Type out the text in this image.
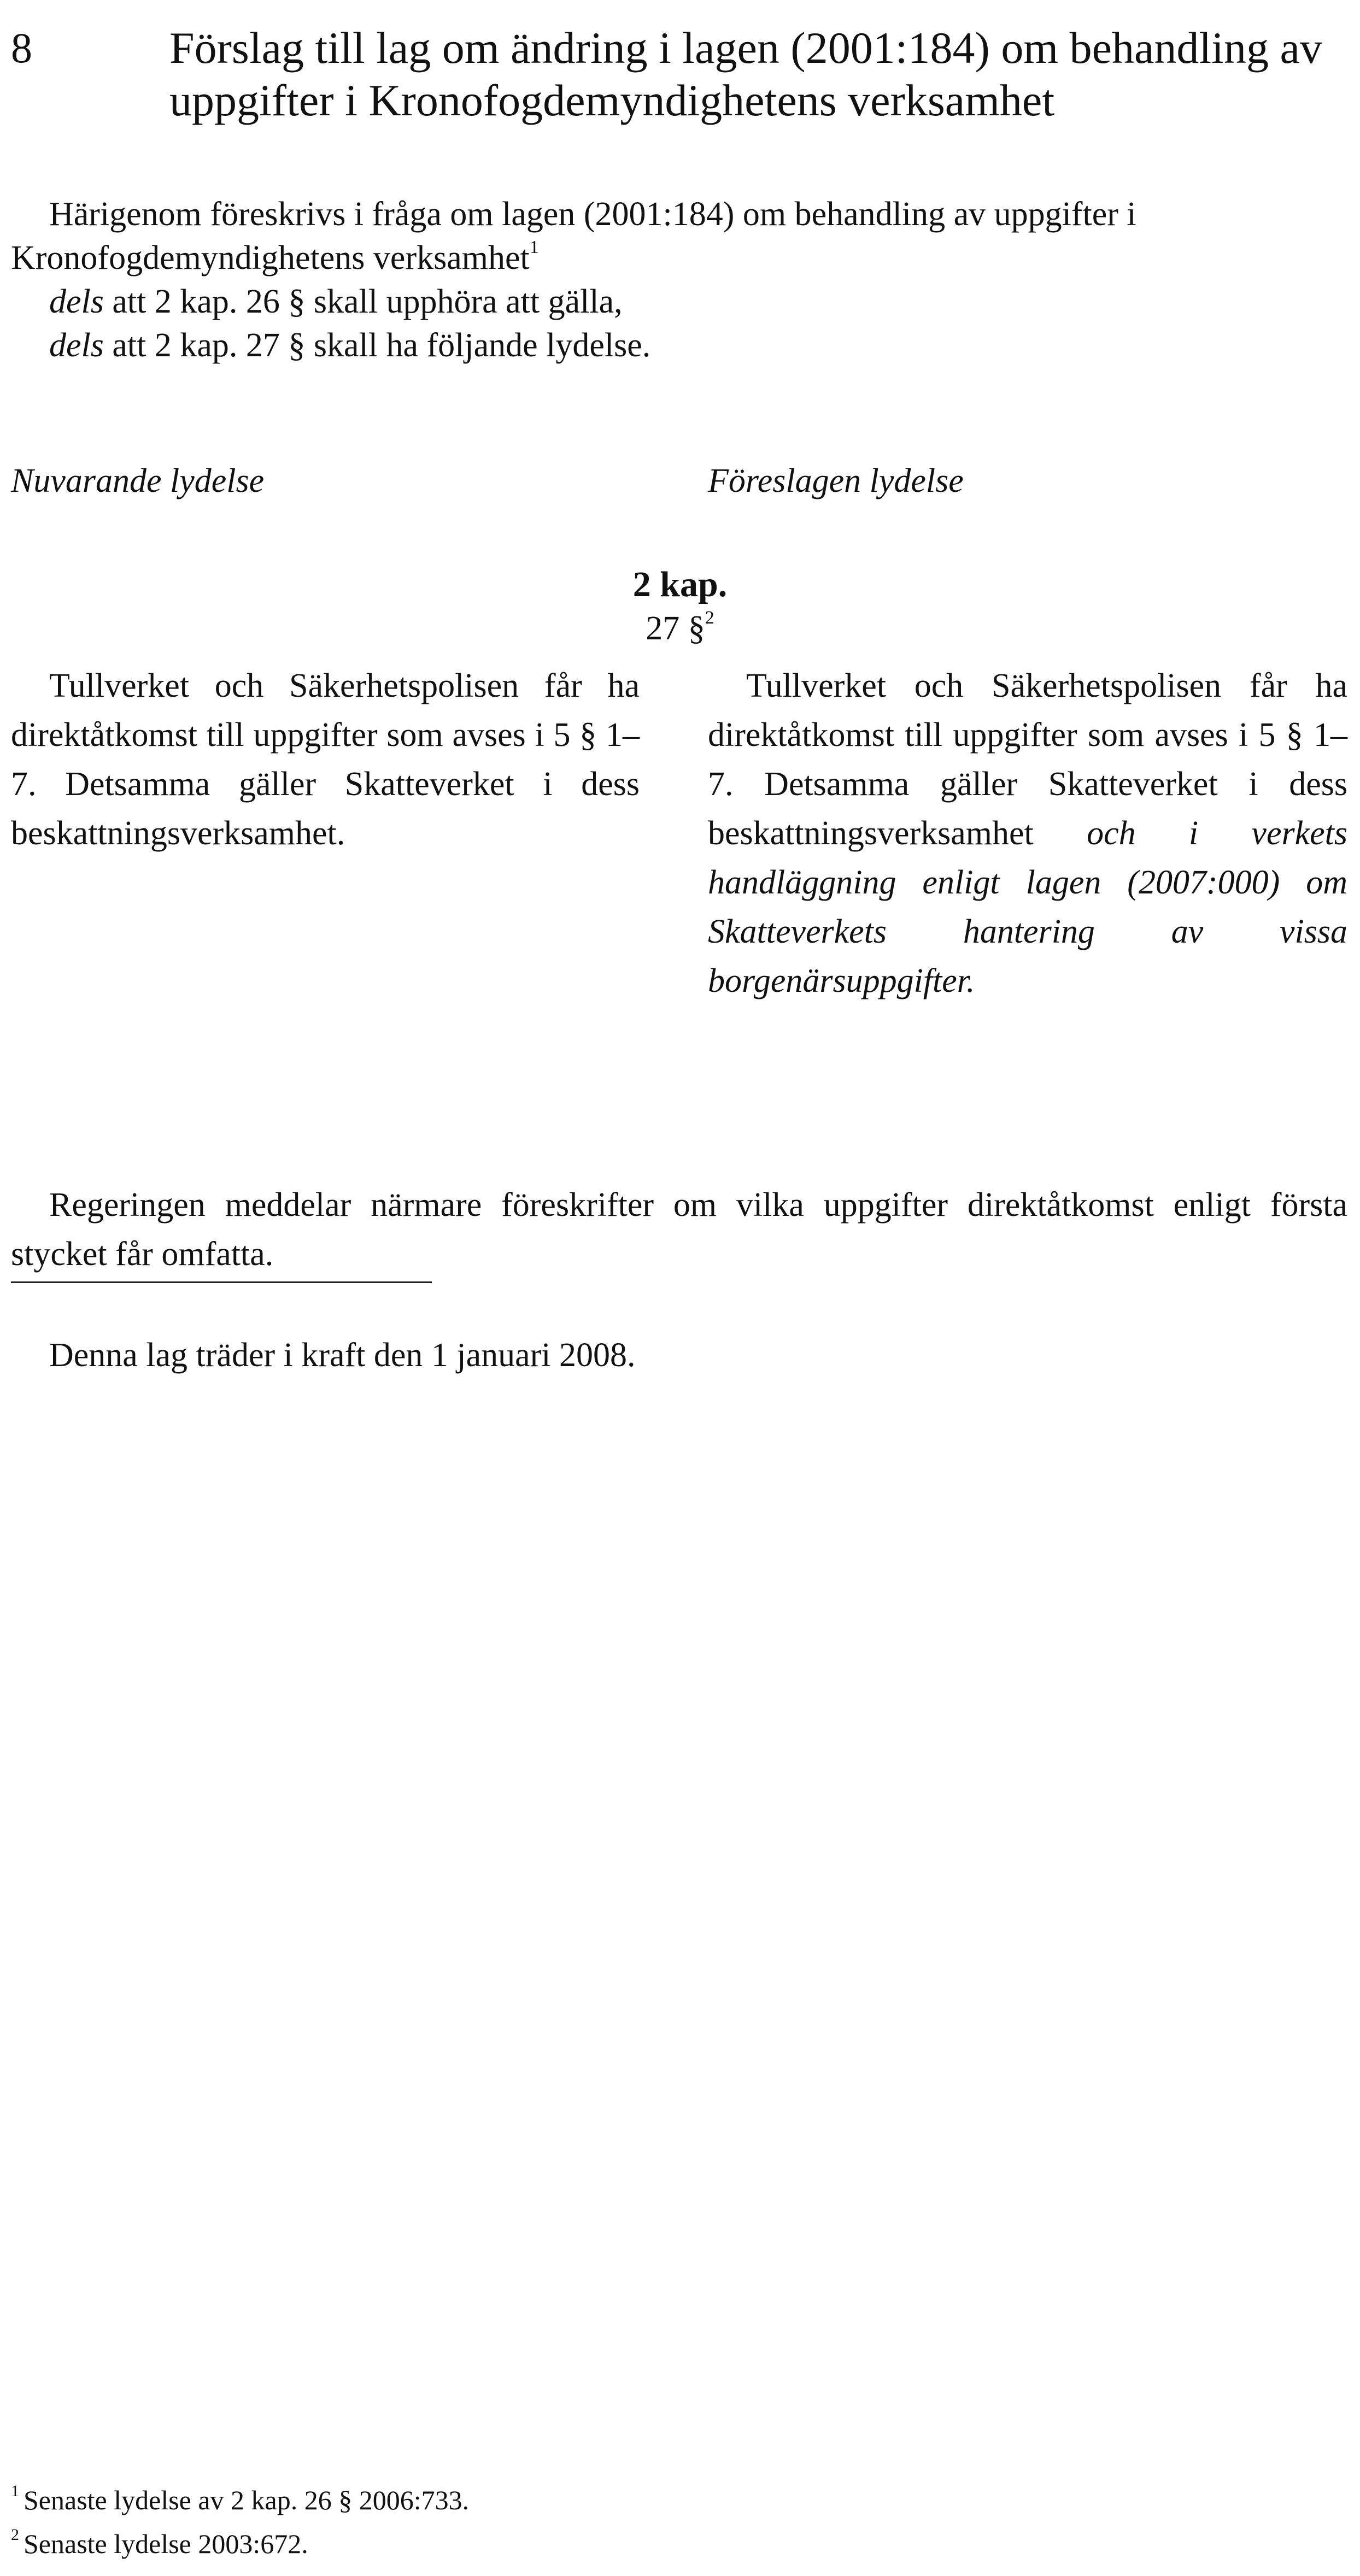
8	Förslag till lag om ändring i lagen (2001:184) om behandling av uppgifter i Kronofogdemyndighetens verksamhet

Härigenom föreskrivs i fråga om lagen (2001:184) om behandling av uppgifter i Kronofogdemyndighetens verksamhet$^1$

dels att 2 kap. 26 § skall upphöra att gälla,

dels att 2 kap. 27 § skall ha följande lydelse.

Nuvarande lydelse	Föreslagen lydelse
2 kap.
27 §$^2$

Tullverket och Säkerhetspolisen får ha direktåtkomst till uppgifter som avses i 5 § 1–7. Detsamma gäller Skatteverket i dess beskattningsverksamhet.

Tullverket och Säkerhetspolisen får ha direktåtkomst till uppgifter som avses i 5 § 1–7. Detsamma gäller Skatteverket i dess beskattningsverksamhet och i verkets handläggning enligt lagen (2007:000) om Skatteverkets hantering av vissa borgenärsuppgifter.

Regeringen meddelar närmare föreskrifter om vilka uppgifter direktåtkomst enligt första stycket får omfatta.

Denna lag träder i kraft den 1 januari 2008.
$^1$ Senaste lydelse av 2 kap. 26 § 2006:733.
$^2$ Senaste lydelse 2003:672.
